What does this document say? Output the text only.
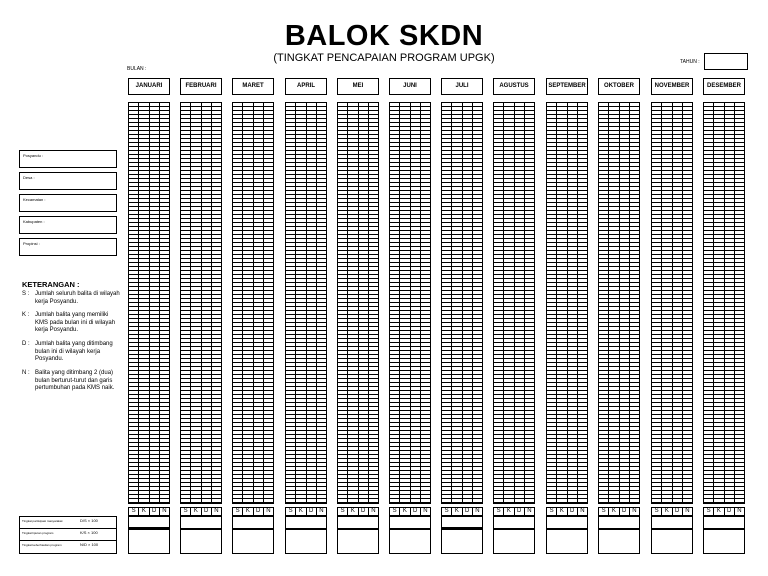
BALOK SKDN
(TINGKAT PENCAPAIAN PROGRAM UPGK)
BULAN :
TAHUN :
Posyandu :
Desa :
Kecamatan :
Kabupaten :
Propinsi :
KETERANGAN :
S : Jumlah seluruh balita di wilayah kerja Posyandu.
K : Jumlah balita yang memiliki KMS pada bulan ini di wilayah kerja Posyandu.
D : Jumlah balita yang ditimbang bulan ini di wilayah kerja Posyandu.
N : Balita yang ditimbang 2 (dua) bulan berturut-turut dan garis pertumbuhan pada KMS naik.
Tingkat partisipasi masyarakat	D/S × 100
Tingkat liputan program	K/S × 100
Tingkat keberhasilan program	N/D × 100
JANUARI
S	K	D N
FEBRUARI
S	K	D N
MARET
S	K	D N
APRIL
S	K	D N
MEI
S	K	D N
JUNI
S	K	D N
JULI
S	K	D N
AGUSTUS
S	K	D N
SEPTEMBER
S	K	D N
OKTOBER
S	K	D N
NOVEMBER
S	K	D N
DESEMBER
S	K	D N
